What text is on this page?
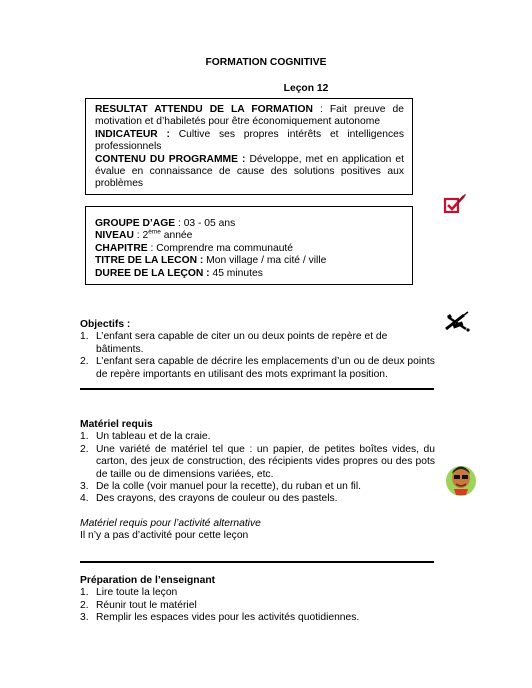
FORMATION COGNITIVE
Leçon 12
RESULTAT ATTENDU DE LA FORMATION : Fait preuve de motivation et d’habiletés pour être économiquement autonome
INDICATEUR : Cultive ses propres intérêts et intelligences professionnels
CONTENU DU PROGRAMME : Développe, met en application et évalue en connaissance de cause des solutions positives aux problèmes
GROUPE D’AGE : 03 - 05 ans
NIVEAU : 2ème année
CHAPITRE : Comprendre ma communauté
TITRE DE LA LECON : Mon village / ma cité / ville
DUREE DE LA LEÇON : 45 minutes
Objectifs :
1. L’enfant sera capable de citer un ou deux points de repère et de bâtiments.
2. L’enfant sera capable de décrire les emplacements d’un ou de deux points de repère importants en utilisant des mots exprimant la position.
Matériel requis
1. Un tableau et de la craie.
2. Une variété de matériel tel que : un papier, de petites boîtes vides, du carton, des jeux de construction, des récipients vides propres ou des pots de taille ou de dimensions variées, etc.
3. De la colle (voir manuel pour la recette), du ruban et un fil.
4. Des crayons, des crayons de couleur ou des pastels.
Matériel requis pour l’activité alternative
Il n’y a pas d’activité pour cette leçon
Préparation de l’enseignant
1. Lire toute la leçon
2. Réunir tout le matériel
3. Remplir les espaces vides pour les activités quotidiennes.
